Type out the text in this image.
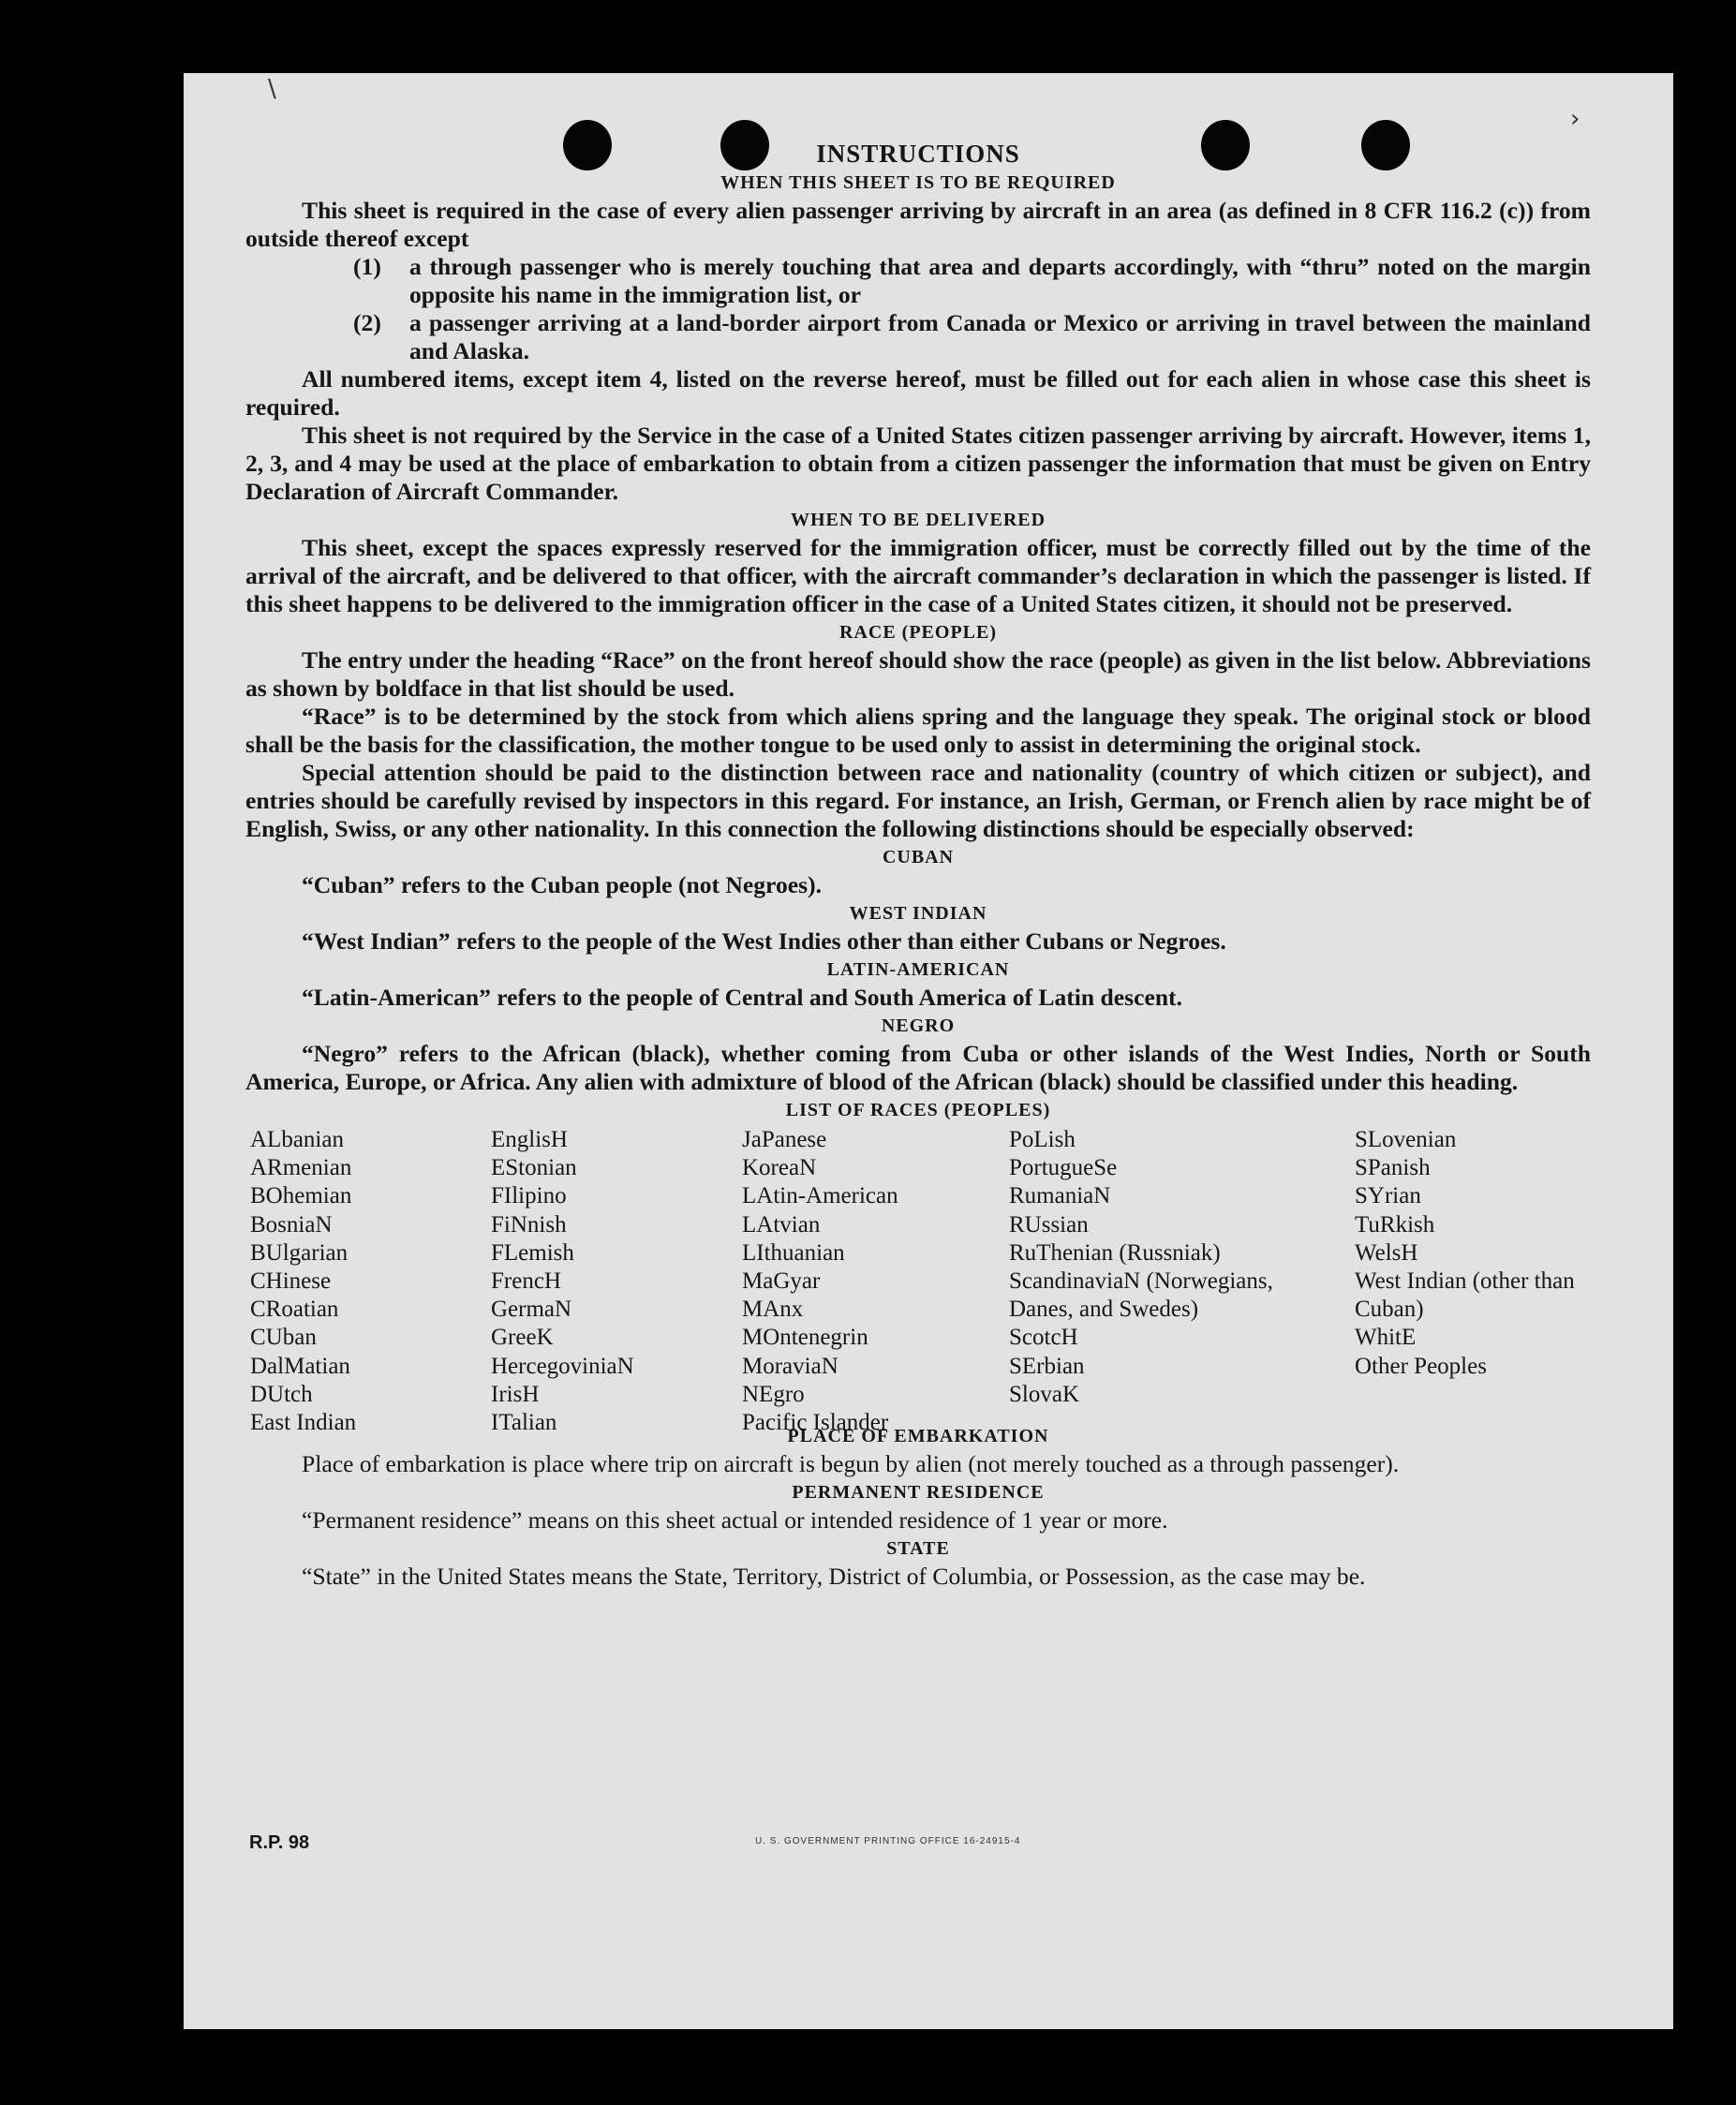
\
›
INSTRUCTIONS
WHEN THIS SHEET IS TO BE REQUIRED

This sheet is required in the case of every alien passenger arriving by aircraft in an area (as defined in 8 CFR 116.2 (c)) from outside thereof except

(1) a through passenger who is merely touching that area and departs accordingly, with “thru” noted on the margin opposite his name in the immigration list, or
(2) a passenger arriving at a land-border airport from Canada or Mexico or arriving in travel between the mainland and Alaska.

All numbered items, except item 4, listed on the reverse hereof, must be filled out for each alien in whose case this sheet is required.

This sheet is not required by the Service in the case of a United States citizen passenger arriving by aircraft. However, items 1, 2, 3, and 4 may be used at the place of embarkation to obtain from a citizen passenger the information that must be given on Entry Declaration of Aircraft Commander.

WHEN TO BE DELIVERED

This sheet, except the spaces expressly reserved for the immigration officer, must be correctly filled out by the time of the arrival of the aircraft, and be delivered to that officer, with the aircraft commander’s declaration in which the passenger is listed. If this sheet happens to be delivered to the immigration officer in the case of a United States citizen, it should not be preserved.

RACE (PEOPLE)

The entry under the heading “Race” on the front hereof should show the race (people) as given in the list below. Abbreviations as shown by boldface in that list should be used.

“Race” is to be determined by the stock from which aliens spring and the language they speak. The original stock or blood shall be the basis for the classification, the mother tongue to be used only to assist in determining the original stock.

Special attention should be paid to the distinction between race and nationality (country of which citizen or subject), and entries should be carefully revised by inspectors in this regard. For instance, an Irish, German, or French alien by race might be of English, Swiss, or any other nationality. In this connection the following distinctions should be especially observed:

CUBAN

“Cuban” refers to the Cuban people (not Negroes).

WEST INDIAN

“West Indian” refers to the people of the West Indies other than either Cubans or Negroes.

LATIN-AMERICAN

“Latin-American” refers to the people of Central and South America of Latin descent.

NEGRO

“Negro” refers to the African (black), whether coming from Cuba or other islands of the West Indies, North or South America, Europe, or Africa. Any alien with admixture of blood of the African (black) should be classified under this heading.

LIST OF RACES (PEOPLES)
ALbanian
ARmenian
BOhemian
BosniaN
BUlgarian
CHinese
CRoatian
CUban
DalMatian
DUtch
East Indian
EnglisH
EStonian
FIlipino
FiNnish
FLemish
FrencH
GermaN
GreeK
HercegoviniaN
IrisH
ITalian
JaPanese
KoreaN
LAtin-American
LAtvian
LIthuanian
MaGyar
MAnx
MOntenegrin
MoraviaN
NEgro
Pacific Islander
PoLish
PortugueSe
RumaniaN
RUssian
RuThenian (Russniak)
ScandinaviaN (Norwegians, Danes, and Swedes)
ScotcH
SErbian
SlovaK
SLovenian
SPanish
SYrian
TuRkish
WelsH
West Indian (other than Cuban)
WhitE
Other Peoples
PLACE OF EMBARKATION

Place of embarkation is place where trip on aircraft is begun by alien (not merely touched as a through passenger).

PERMANENT RESIDENCE

“Permanent residence” means on this sheet actual or intended residence of 1 year or more.

STATE

“State” in the United States means the State, Territory, District of Columbia, or Possession, as the case may be.

R.P. 98	U. S. GOVERNMENT PRINTING OFFICE 16-24915-4
